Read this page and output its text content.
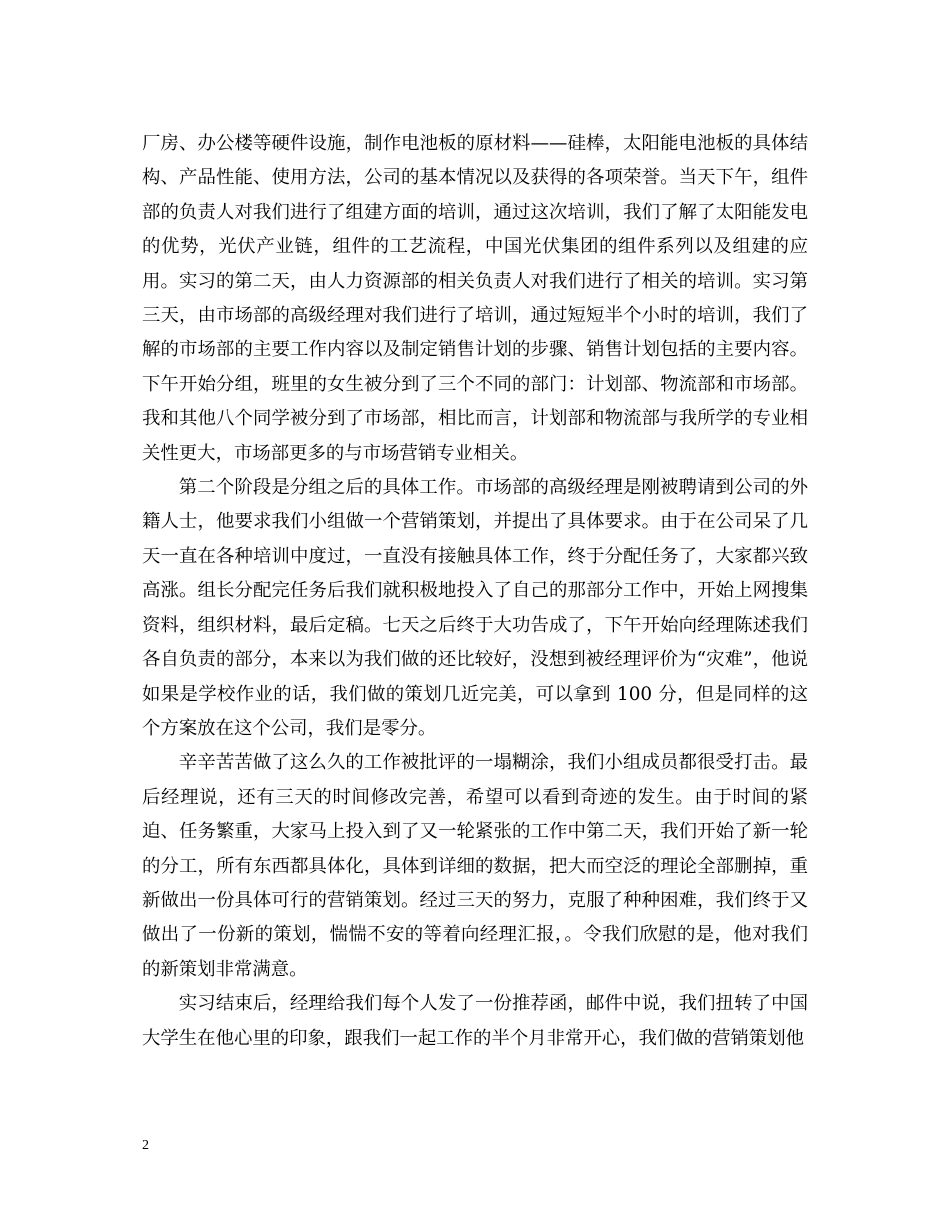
厂房、办公楼等硬件设施，制作电池板的原材料——硅棒，太阳能电池板的具体结构、产品性能、使用方法，公司的基本情况以及获得的各项荣誉。当天下午，组件部的负责人对我们进行了组建方面的培训，通过这次培训，我们了解了太阳能发电的优势，光伏产业链，组件的工艺流程，中国光伏集团的组件系列以及组建的应用。实习的第二天，由人力资源部的相关负责人对我们进行了相关的培训。实习第三天，由市场部的高级经理对我们进行了培训，通过短短半个小时的培训，我们了解的市场部的主要工作内容以及制定销售计划的步骤、销售计划包括的主要内容。下午开始分组，班里的女生被分到了三个不同的部门：计划部、物流部和市场部。我和其他八个同学被分到了市场部，相比而言，计划部和物流部与我所学的专业相关性更大，市场部更多的与市场营销专业相关。

第二个阶段是分组之后的具体工作。市场部的高级经理是刚被聘请到公司的外籍人士，他要求我们小组做一个营销策划，并提出了具体要求。由于在公司呆了几天一直在各种培训中度过，一直没有接触具体工作，终于分配任务了，大家都兴致高涨。组长分配完任务后我们就积极地投入了自己的那部分工作中，开始上网搜集资料，组织材料，最后定稿。七天之后终于大功告成了，下午开始向经理陈述我们各自负责的部分，本来以为我们做的还比较好，没想到被经理评价为“灾难”，他说如果是学校作业的话，我们做的策划几近完美，可以拿到 100 分，但是同样的这个方案放在这个公司，我们是零分。

辛辛苦苦做了这么久的工作被批评的一塌糊涂，我们小组成员都很受打击。最后经理说，还有三天的时间修改完善，希望可以看到奇迹的发生。由于时间的紧迫、任务繁重，大家马上投入到了又一轮紧张的工作中第二天，我们开始了新一轮的分工，所有东西都具体化，具体到详细的数据，把大而空泛的理论全部删掉，重新做出一份具体可行的营销策划。经过三天的努力，克服了种种困难，我们终于又做出了一份新的策划，惴惴不安的等着向经理汇报，。令我们欣慰的是，他对我们的新策划非常满意。

实习结束后，经理给我们每个人发了一份推荐函，邮件中说，我们扭转了中国大学生在他心里的印象，跟我们一起工作的半个月非常开心，我们做的营销策划他

2
